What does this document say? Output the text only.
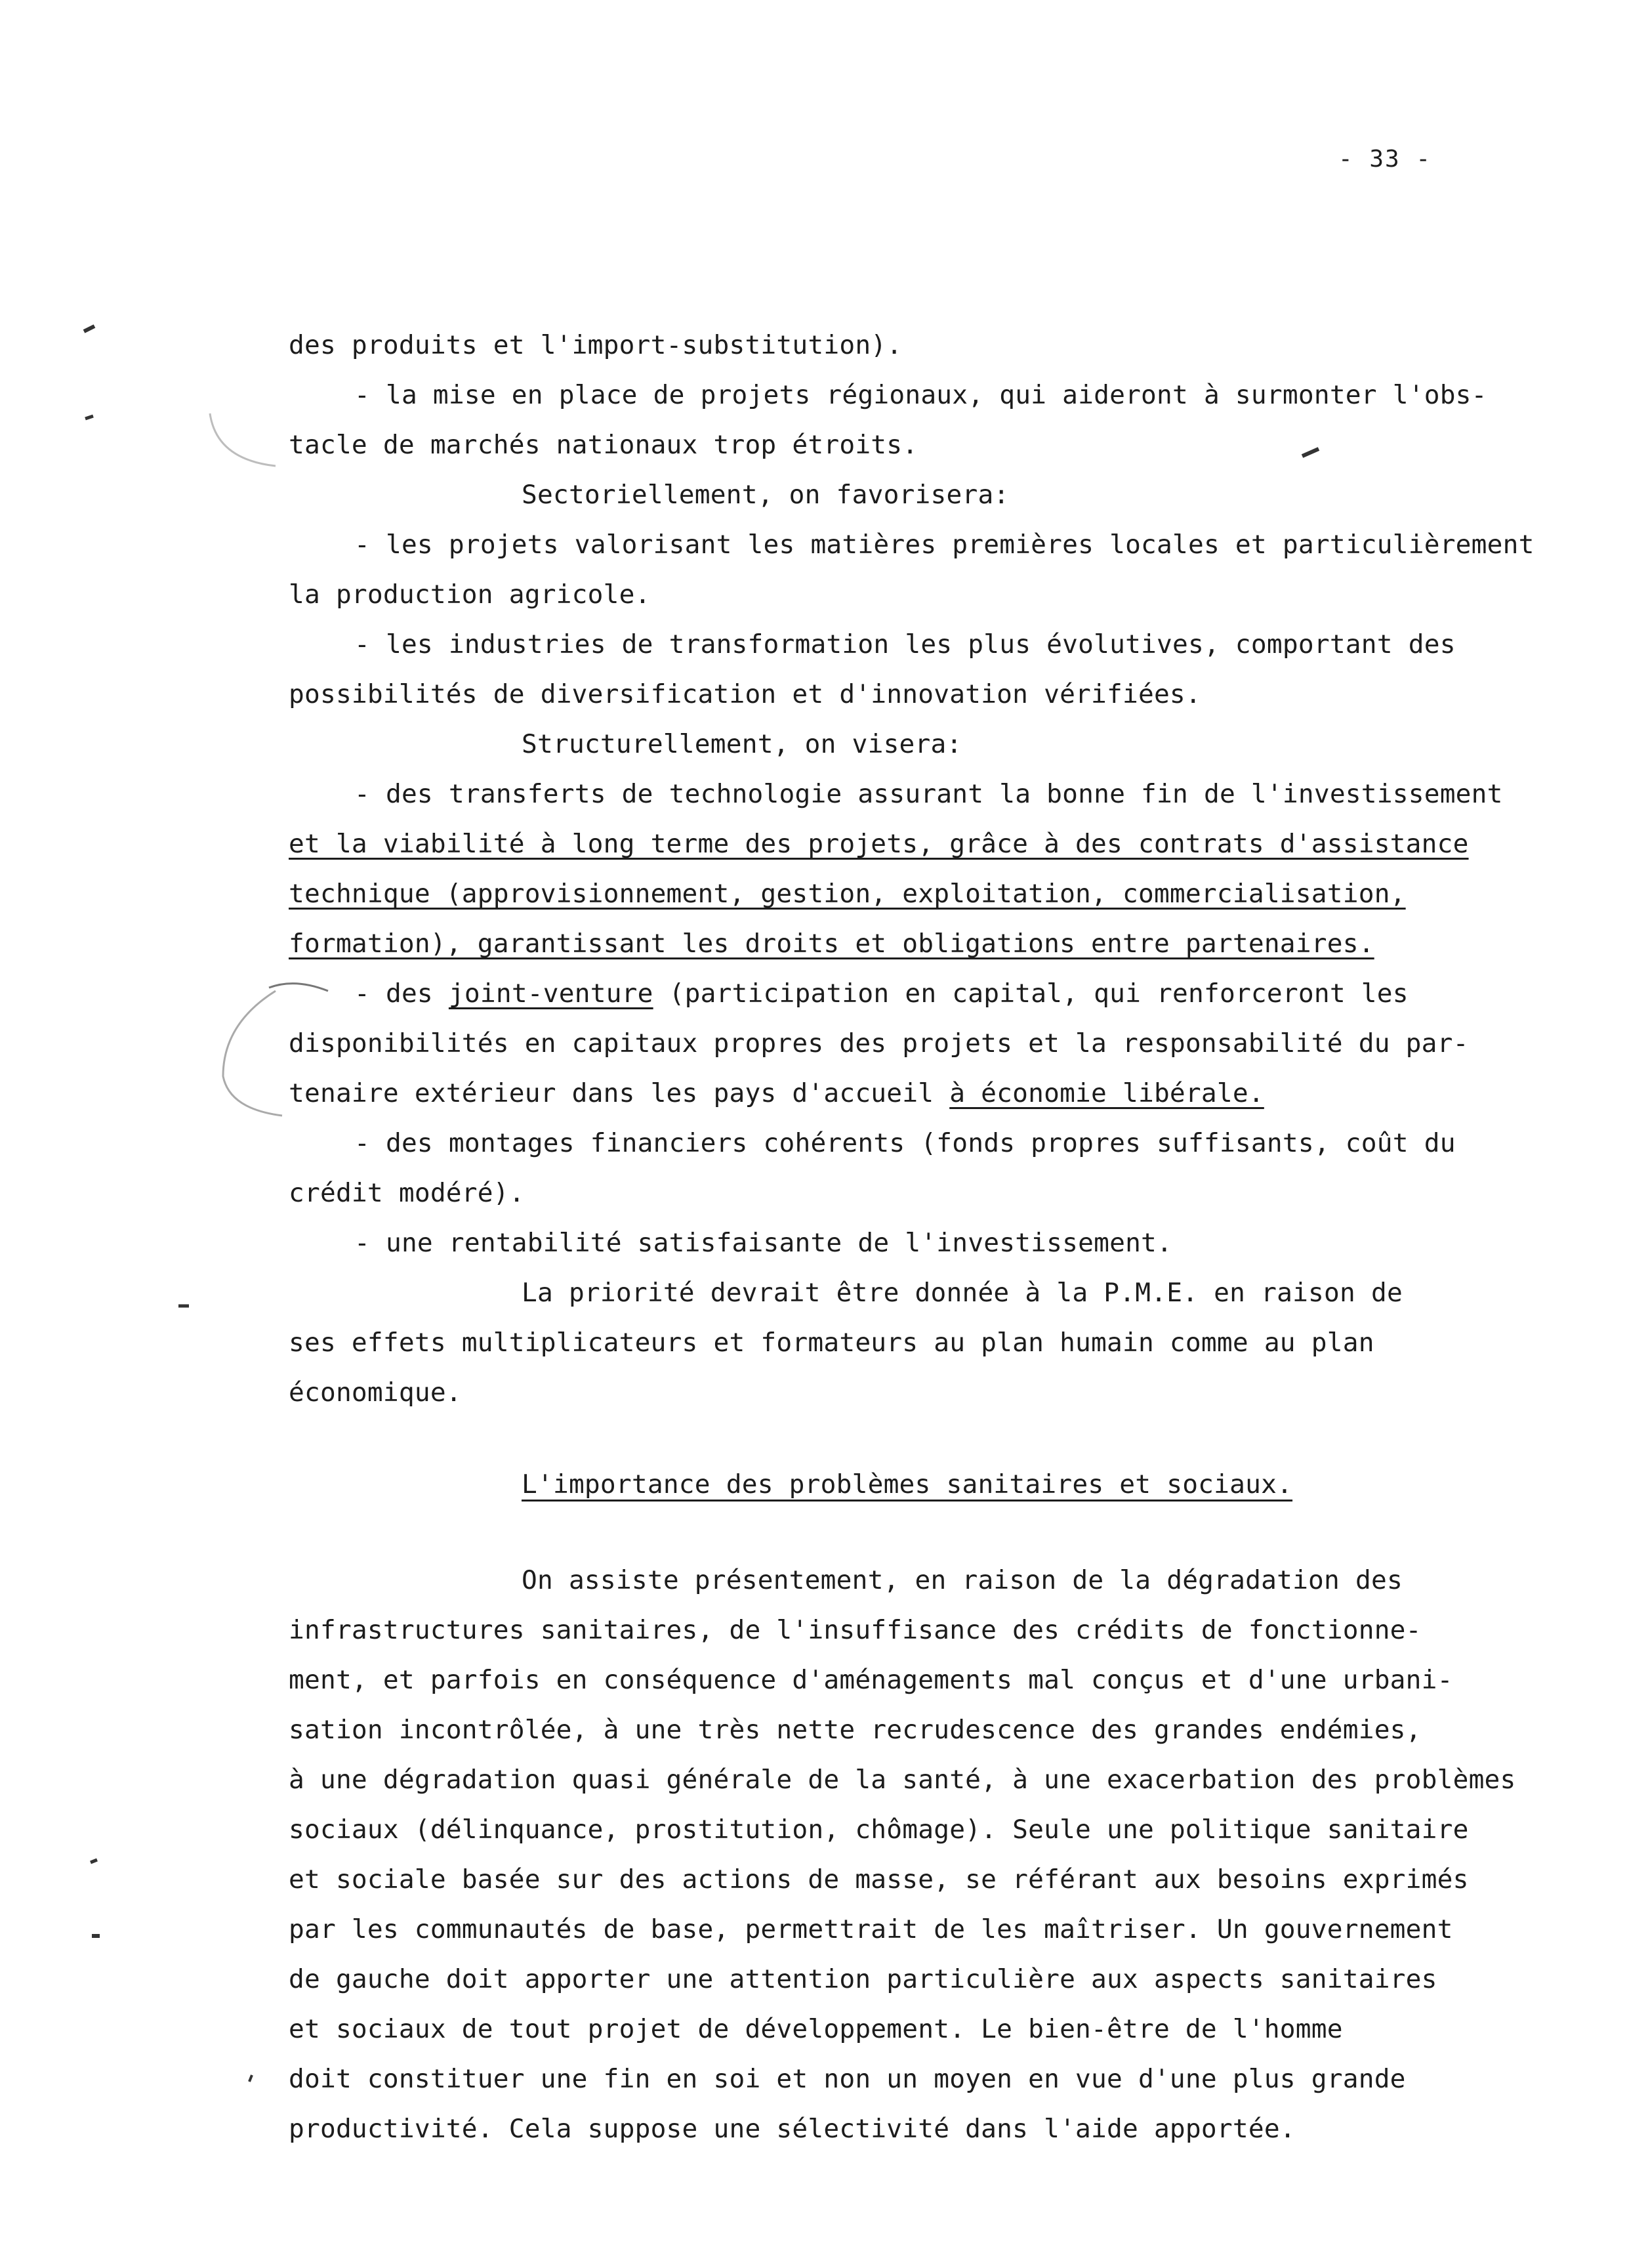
- 33 -
des produits et l'import-substitution).
- la mise en place de projets régionaux, qui aideront à surmonter l'obs-
tacle de marchés nationaux trop étroits.
Sectoriellement, on favorisera:
- les projets valorisant les matières premières locales et particulièrement
la production agricole.
- les industries de transformation les plus évolutives, comportant des
possibilités de diversification et d'innovation vérifiées.
Structurellement, on visera:
- des transferts de technologie assurant la bonne fin de l'investissement
et la viabilité à long terme des projets, grâce à des contrats d'assistance
technique (approvisionnement, gestion, exploitation, commercialisation,
formation), garantissant les droits et obligations entre partenaires.
- des joint-venture (participation en capital, qui renforceront les
disponibilités en capitaux propres des projets et la responsabilité du par-
tenaire extérieur dans les pays d'accueil à économie libérale.
- des montages financiers cohérents (fonds propres suffisants, coût du
crédit modéré).
- une rentabilité satisfaisante de l'investissement.
La priorité devrait être donnée à la P.M.E. en raison de
ses effets multiplicateurs et formateurs au plan humain comme au plan
économique.
L'importance des problèmes sanitaires et sociaux.
On assiste présentement, en raison de la dégradation des
infrastructures sanitaires, de l'insuffisance des crédits de fonctionne-
ment, et parfois en conséquence d'aménagements mal conçus et d'une urbani-
sation incontrôlée, à une très nette recrudescence des grandes endémies,
à une dégradation quasi générale de la santé, à une exacerbation des problèmes
sociaux (délinquance, prostitution, chômage). Seule une politique sanitaire
et sociale basée sur des actions de masse, se référant aux besoins exprimés
par les communautés de base, permettrait de les maîtriser. Un gouvernement
de gauche doit apporter une attention particulière aux aspects sanitaires
et sociaux de tout projet de développement. Le bien-être de l'homme
doit constituer une fin en soi et non un moyen en vue d'une plus grande
productivité. Cela suppose une sélectivité dans l'aide apportée.
